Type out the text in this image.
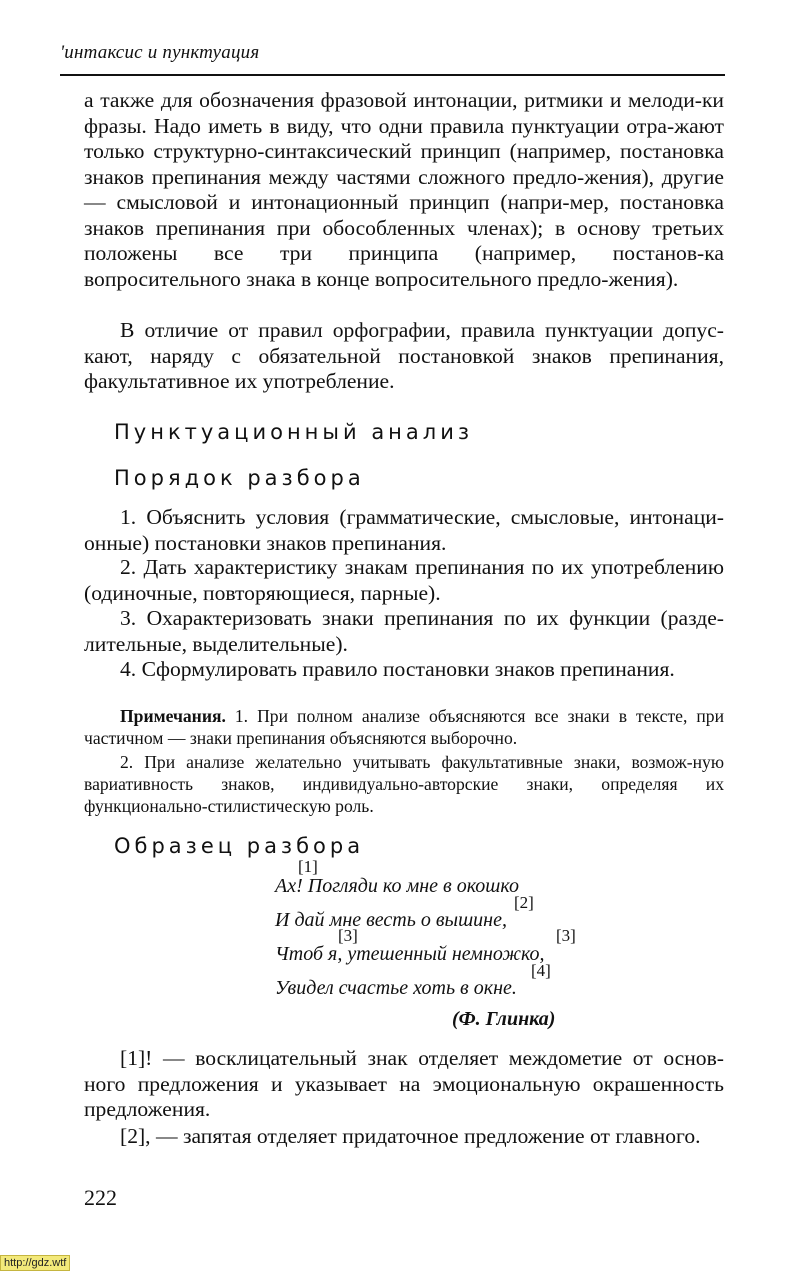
'интаксис и пунктуация

а также для обозначения фразовой интонации, ритмики и мелоди-ки фразы. Надо иметь в виду, что одни правила пунктуации отра-жают только структурно-синтаксический принцип (например, постановка знаков препинания между частями сложного предло-жения), другие — смысловой и интонационный принцип (напри-мер, постановка знаков препинания при обособленных членах); в основу третьих положены все три принципа (например, постанов-ка вопросительного знака в конце вопросительного предло-жения).

В отличие от правил орфографии, правила пунктуации допус-кают, наряду с обязательной постановкой знаков препинания, факультативное их употребление.

Пунктуационный анализ
Порядок разбора

1. Объяснить условия (грамматические, смысловые, интонаци-онные) постановки знаков препинания.

2. Дать характеристику знакам препинания по их употреблению (одиночные, повторяющиеся, парные).

3. Охарактеризовать знаки препинания по их функции (разде-лительные, выделительные).

4. Сформулировать правило постановки знаков препинания.

Примечания. 1. При полном анализе объясняются все знаки в тексте, при частичном — знаки препинания объясняются выборочно.

2. При анализе желательно учитывать факультативные знаки, возмож-ную вариативность знаков, индивидуально-авторские знаки, определяя их функционально-стилистическую роль.

Образец разбора
[1]
Ах! Погляди ко мне в окошко
[2]
И дай мне весть о вышине,
[3]	[3]
Чтоб я, утешенный немножко,
[4]
Увидел счастье хоть в окне.
(Ф. Глинка)

[1]! — восклицательный знак отделяет междометие от основ-ного предложения и указывает на эмоциональную окрашенность предложения.

[2], — запятая отделяет придаточное предложение от главного.

222
http://gdz.wtf
